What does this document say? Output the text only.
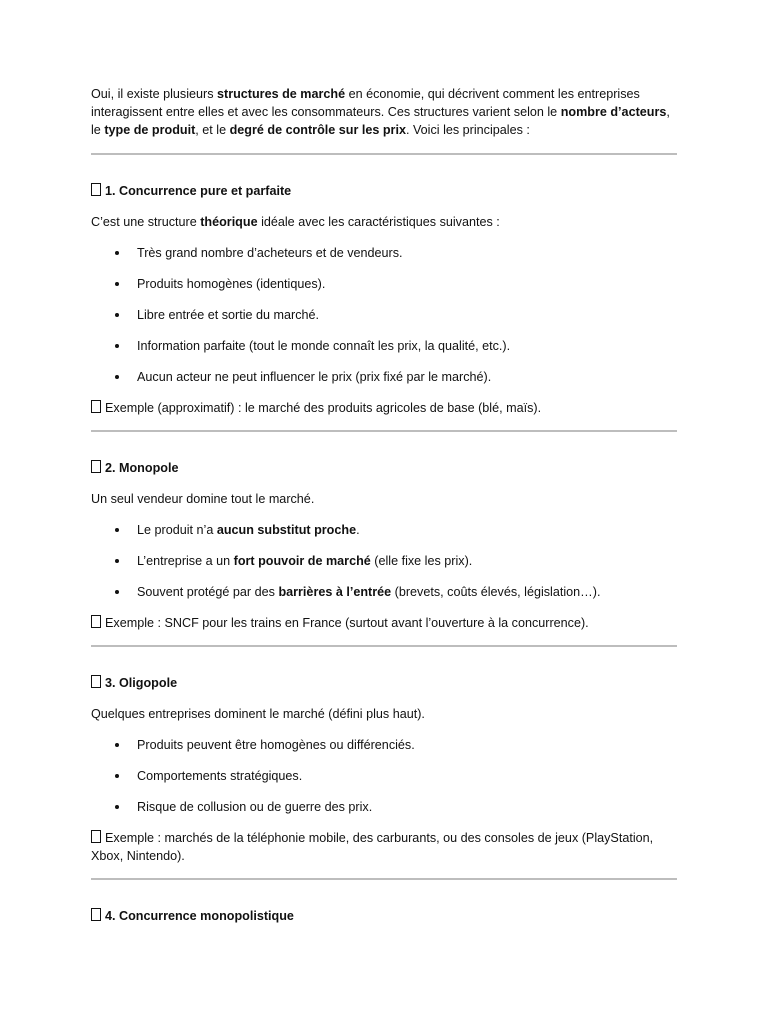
Oui, il existe plusieurs structures de marché en économie, qui décrivent comment les entreprises interagissent entre elles et avec les consommateurs. Ces structures varient selon le nombre d’acteurs, le type de produit, et le degré de contrôle sur les prix. Voici les principales :

1. Concurrence pure et parfaite

C’est une structure théorique idéale avec les caractéristiques suivantes :

Très grand nombre d’acheteurs et de vendeurs.
Produits homogènes (identiques).
Libre entrée et sortie du marché.
Information parfaite (tout le monde connaît les prix, la qualité, etc.).
Aucun acteur ne peut influencer le prix (prix fixé par le marché).

Exemple (approximatif) : le marché des produits agricoles de base (blé, maïs).

2. Monopole

Un seul vendeur domine tout le marché.

Le produit n’a aucun substitut proche.
L’entreprise a un fort pouvoir de marché (elle fixe les prix).
Souvent protégé par des barrières à l’entrée (brevets, coûts élevés, législation…).

Exemple : SNCF pour les trains en France (surtout avant l’ouverture à la concurrence).

3. Oligopole

Quelques entreprises dominent le marché (défini plus haut).

Produits peuvent être homogènes ou différenciés.
Comportements stratégiques.
Risque de collusion ou de guerre des prix.

Exemple : marchés de la téléphonie mobile, des carburants, ou des consoles de jeux (PlayStation, Xbox, Nintendo).

4. Concurrence monopolistique
